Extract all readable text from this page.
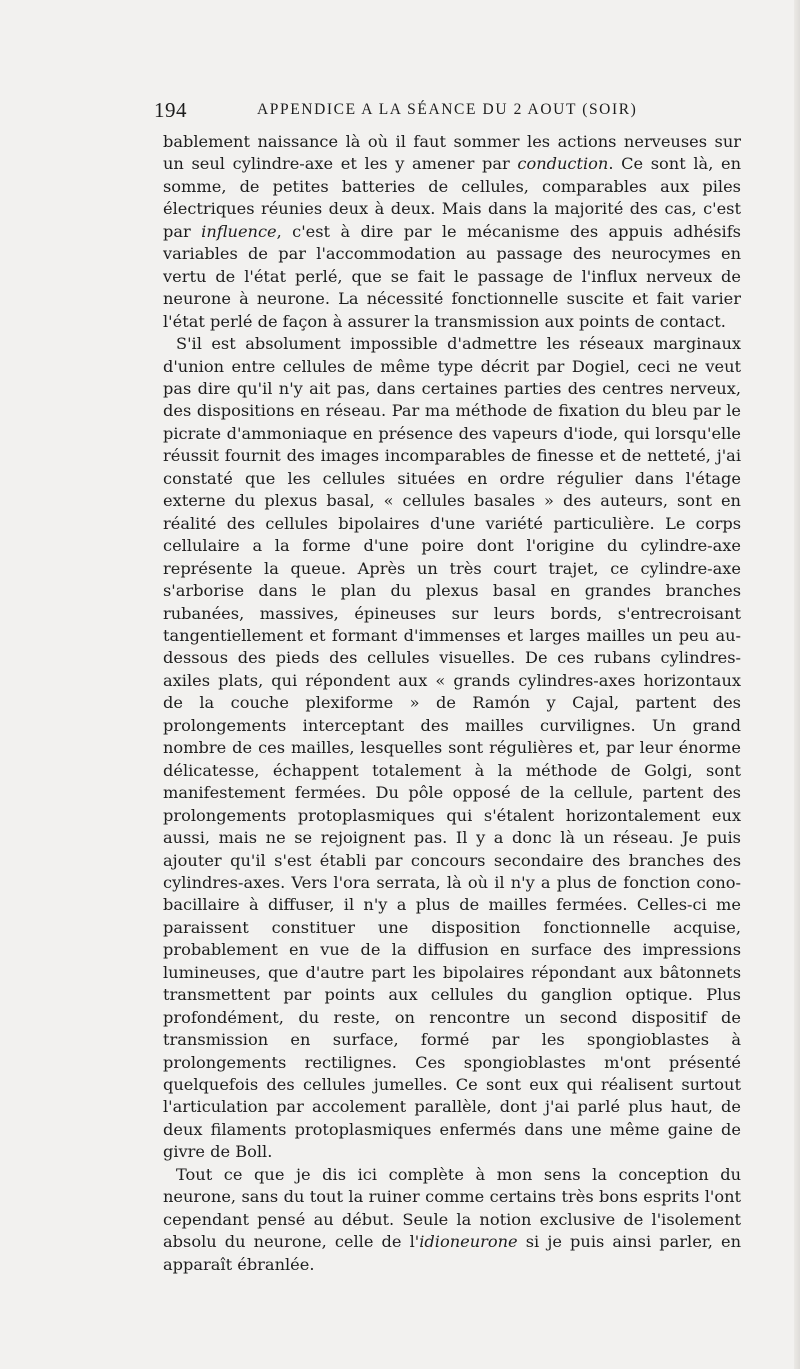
194	APPENDICE A LA SÉANCE DU 2 AOUT (SOIR)

bablement naissance là où il faut sommer les actions nerveuses sur un seul cylindre-axe et les y amener par conduction. Ce sont là, en somme, de petites batteries de cellules, comparables aux piles électriques réunies deux à deux. Mais dans la majorité des cas, c'est par influence, c'est à dire par le mécanisme des appuis adhésifs variables de par l'accommodation au passage des neurocymes en vertu de l'état perlé, que se fait le passage de l'influx nerveux de neurone à neurone. La nécessité fonctionnelle suscite et fait varier l'état perlé de façon à assurer la transmission aux points de contact.

S'il est absolument impossible d'admettre les réseaux marginaux d'union entre cellules de même type décrit par Dogiel, ceci ne veut pas dire qu'il n'y ait pas, dans certaines parties des centres nerveux, des dispositions en réseau. Par ma méthode de fixation du bleu par le picrate d'ammoniaque en présence des vapeurs d'iode, qui lorsqu'elle réussit fournit des images incomparables de finesse et de netteté, j'ai constaté que les cellules situées en ordre régulier dans l'étage externe du plexus basal, « cellules basales » des auteurs, sont en réalité des cellules bipolaires d'une variété particulière. Le corps cellulaire a la forme d'une poire dont l'origine du cylindre-axe représente la queue. Après un très court trajet, ce cylindre-axe s'arborise dans le plan du plexus basal en grandes branches rubanées, massives, épineuses sur leurs bords, s'entrecroisant tangentiellement et formant d'immenses et larges mailles un peu au-dessous des pieds des cellules visuelles. De ces rubans cylindres-axiles plats, qui répondent aux « grands cylindres-axes horizontaux de la couche plexiforme » de Ramón y Cajal, partent des prolongements interceptant des mailles curvilignes. Un grand nombre de ces mailles, lesquelles sont régulières et, par leur énorme délicatesse, échappent totalement à la méthode de Golgi, sont manifestement fermées. Du pôle opposé de la cellule, partent des prolongements protoplasmiques qui s'étalent horizontalement eux aussi, mais ne se rejoignent pas. Il y a donc là un réseau. Je puis ajouter qu'il s'est établi par concours secondaire des branches des cylindres-axes. Vers l'ora serrata, là où il n'y a plus de fonction cono-bacillaire à diffuser, il n'y a plus de mailles fermées. Celles-ci me paraissent constituer une disposition fonctionnelle acquise, probablement en vue de la diffusion en surface des impressions lumineuses, que d'autre part les bipolaires répondant aux bâtonnets transmettent par points aux cellules du ganglion optique. Plus profondément, du reste, on rencontre un second dispositif de transmission en surface, formé par les spongioblastes à prolongements rectilignes. Ces spongioblastes m'ont présenté quelquefois des cellules jumelles. Ce sont eux qui réalisent surtout l'articulation par accolement parallèle, dont j'ai parlé plus haut, de deux filaments protoplasmiques enfermés dans une même gaine de givre de Boll.

Tout ce que je dis ici complète à mon sens la conception du neurone, sans du tout la ruiner comme certains très bons esprits l'ont cependant pensé au début. Seule la notion exclusive de l'isolement absolu du neurone, celle de l'idioneurone si je puis ainsi parler, en apparaît ébranlée.
